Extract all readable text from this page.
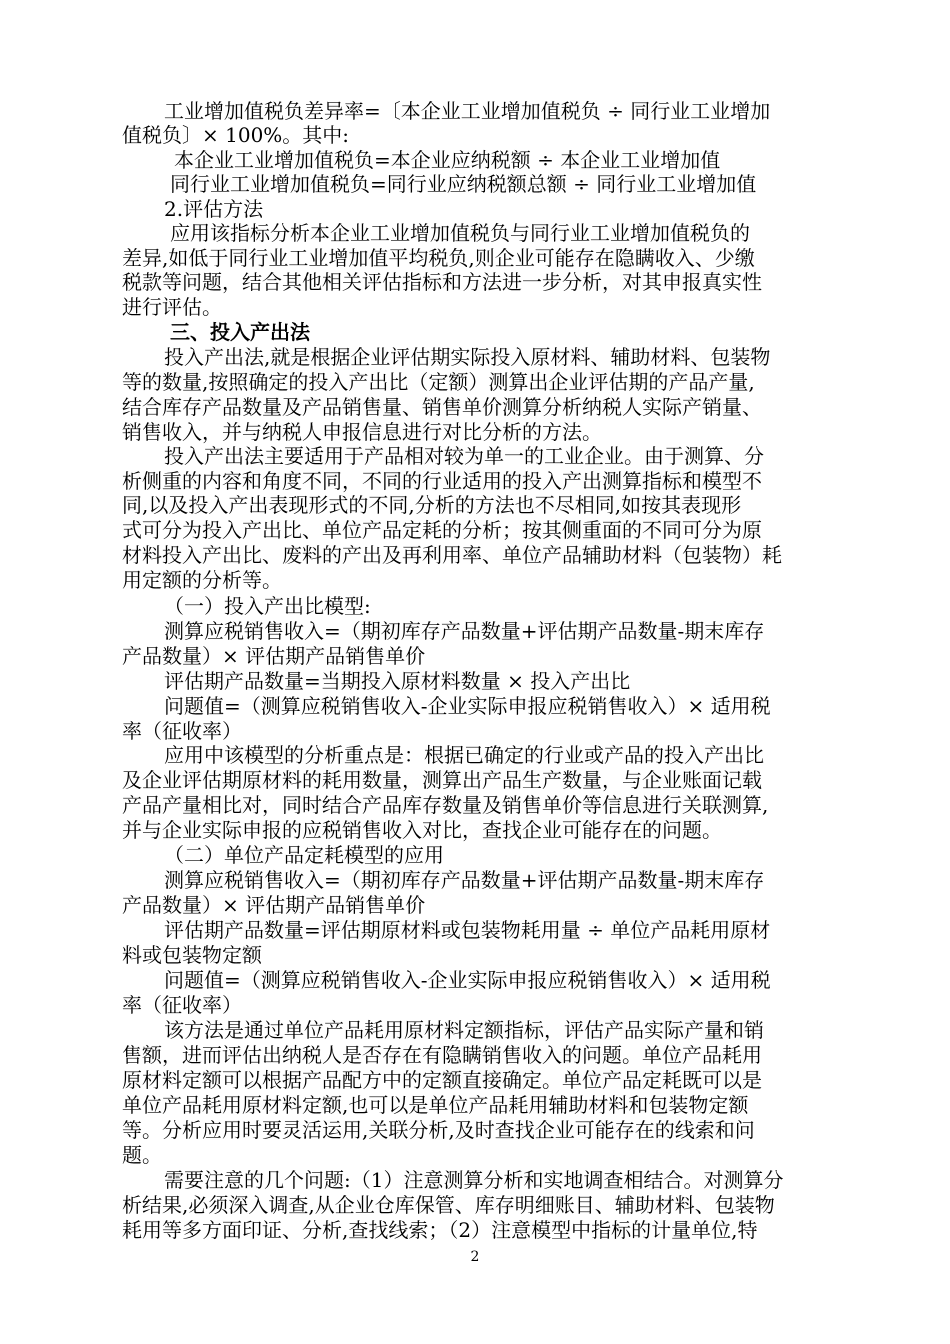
工业增加值税负差异率=〔本企业工业增加值税负 ÷ 同行业工业增加
值税负〕× 100%。其中:
本企业工业增加值税负=本企业应纳税额 ÷ 本企业工业增加值
同行业工业增加值税负=同行业应纳税额总额 ÷ 同行业工业增加值
2.评估方法
应用该指标分析本企业工业增加值税负与同行业工业增加值税负的
差异,如低于同行业工业增加值平均税负,则企业可能存在隐瞒收入、少缴
税款等问题，结合其他相关评估指标和方法进一步分析，对其申报真实性
进行评估。
三、投入产出法
投入产出法,就是根据企业评估期实际投入原材料、辅助材料、包装物
等的数量,按照确定的投入产出比（定额）测算出企业评估期的产品产量,
结合库存产品数量及产品销售量、销售单价测算分析纳税人实际产销量、
销售收入，并与纳税人申报信息进行对比分析的方法。
投入产出法主要适用于产品相对较为单一的工业企业。由于测算、分
析侧重的内容和角度不同，不同的行业适用的投入产出测算指标和模型不
同,以及投入产出表现形式的不同,分析的方法也不尽相同,如按其表现形
式可分为投入产出比、单位产品定耗的分析；按其侧重面的不同可分为原
材料投入产出比、废料的产出及再利用率、单位产品辅助材料（包装物）耗
用定额的分析等。
（一）投入产出比模型:
测算应税销售收入=（期初库存产品数量+评估期产品数量-期末库存
产品数量）× 评估期产品销售单价
评估期产品数量=当期投入原材料数量 × 投入产出比
问题值=（测算应税销售收入-企业实际申报应税销售收入）× 适用税
率（征收率）
应用中该模型的分析重点是：根据已确定的行业或产品的投入产出比
及企业评估期原材料的耗用数量，测算出产品生产数量，与企业账面记载
产品产量相比对，同时结合产品库存数量及销售单价等信息进行关联测算,
并与企业实际申报的应税销售收入对比，查找企业可能存在的问题。
（二）单位产品定耗模型的应用
测算应税销售收入=（期初库存产品数量+评估期产品数量-期末库存
产品数量）× 评估期产品销售单价
评估期产品数量=评估期原材料或包装物耗用量 ÷ 单位产品耗用原材
料或包装物定额
问题值=（测算应税销售收入-企业实际申报应税销售收入）× 适用税
率（征收率）
该方法是通过单位产品耗用原材料定额指标，评估产品实际产量和销
售额，进而评估出纳税人是否存在有隐瞒销售收入的问题。单位产品耗用
原材料定额可以根据产品配方中的定额直接确定。单位产品定耗既可以是
单位产品耗用原材料定额,也可以是单位产品耗用辅助材料和包装物定额
等。分析应用时要灵活运用,关联分析,及时查找企业可能存在的线索和问
题。
需要注意的几个问题:（1）注意测算分析和实地调查相结合。对测算分
析结果,必须深入调查,从企业仓库保管、库存明细账目、辅助材料、包装物
耗用等多方面印证、分析,查找线索；（2）注意模型中指标的计量单位,特
2
